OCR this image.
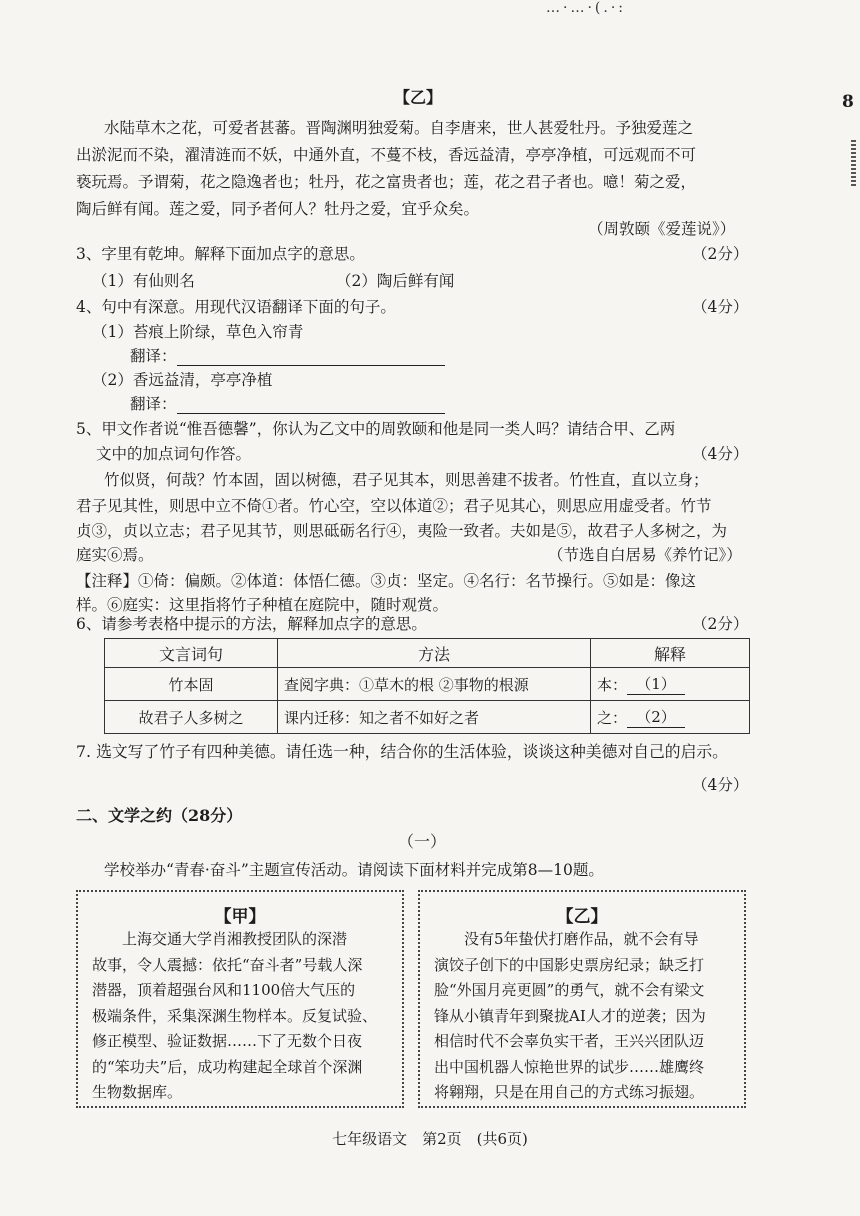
…·…·(.·:
8
【乙】
水陆草木之花，可爱者甚蕃。晋陶渊明独爱菊。自李唐来，世人甚爱牡丹。予独爱莲之
出淤泥而不染，濯清涟而不妖，中通外直，不蔓不枝，香远益清，亭亭净植，可远观而不可
亵玩焉。予谓菊，花之隐逸者也；牡丹，花之富贵者也；莲，花之君子者也。噫！菊之爱，
陶后鲜有闻。莲之爱，同予者何人？牡丹之爱，宜乎众矣。
（周敦颐《爱莲说》）
3、字里有乾坤。解释下面加点字的意思。	（2分）
（1）有仙则名	（2）陶后鲜有闻
4、句中有深意。用现代汉语翻译下面的句子。	（4分）
（1）苔痕上阶绿，草色入帘青
翻译：
（2）香远益清，亭亭净植
翻译：
5、甲文作者说“惟吾德馨”，你认为乙文中的周敦颐和他是同一类人吗？请结合甲、乙两
文中的加点词句作答。	（4分）
竹似贤，何哉？竹本固，固以树德，君子见其本，则思善建不拔者。竹性直，直以立身；
君子见其性，则思中立不倚①者。竹心空，空以体道②；君子见其心，则思应用虚受者。竹节
贞③，贞以立志；君子见其节，则思砥砺名行④，夷险一致者。夫如是⑤，故君子人多树之，为
庭实⑥焉。	（节选自白居易《养竹记》）
【注释】①倚：偏颇。②体道：体悟仁德。③贞：坚定。④名行：名节操行。⑤如是：像这
样。⑥庭实：这里指将竹子种植在庭院中，随时观赏。
6、请参考表格中提示的方法，解释加点字的意思。	（2分）
文言词句	方法	解释
竹本固	查阅字典：①草木的根 ②事物的根源	本： （1）
故君子人多树之	课内迁移：知之者不如好之者	之： （2）
7. 选文写了竹子有四种美德。请任选一种，结合你的生活体验，谈谈这种美德对自己的启示。
（4分）
二、文学之约（28分）
（一）
学校举办“青春·奋斗”主题宣传活动。请阅读下面材料并完成第8—10题。
【甲】
上海交通大学肖湘教授团队的深潜
故事，令人震撼：依托“奋斗者”号载人深
潜器，顶着超强台风和1100倍大气压的
极端条件，采集深渊生物样本。反复试验、
修正模型、验证数据……下了无数个日夜
的“笨功夫”后，成功构建起全球首个深渊
生物数据库。
【乙】
没有5年蛰伏打磨作品，就不会有导
演饺子创下的中国影史票房纪录；缺乏打
脸“外国月亮更圆”的勇气，就不会有梁文
锋从小镇青年到聚拢AI人才的逆袭；因为
相信时代不会辜负实干者，王兴兴团队迈
出中国机器人惊艳世界的试步……雄鹰终
将翱翔，只是在用自己的方式练习振翅。
七年级语文　第2页　(共6页)
